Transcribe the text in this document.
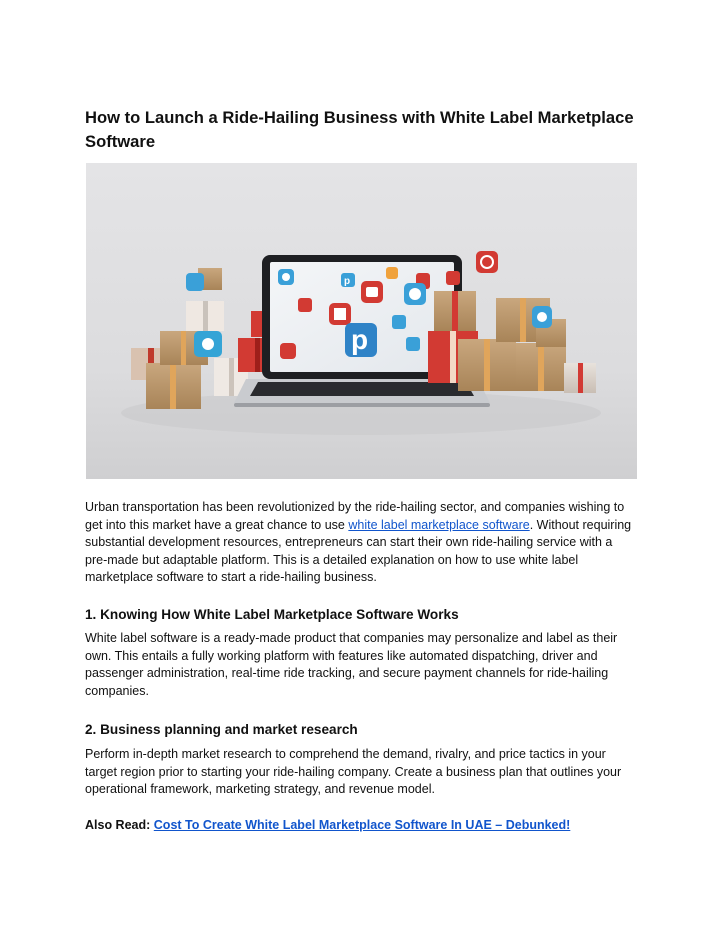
How to Launch a Ride-Hailing Business with White Label Marketplace Software
p
p

Urban transportation has been revolutionized by the ride-hailing sector, and companies wishing to get into this market have a great chance to use white label marketplace software. Without requiring substantial development resources, entrepreneurs can start their own ride-hailing service with a pre-made but adaptable platform. This is a detailed explanation on how to use white label marketplace software to start a ride-hailing business.

1. Knowing How White Label Marketplace Software Works

White label software is a ready-made product that companies may personalize and label as their own. This entails a fully working platform with features like automated dispatching, driver and passenger administration, real-time ride tracking, and secure payment channels for ride-hailing companies.

2. Business planning and market research

Perform in-depth market research to comprehend the demand, rivalry, and price tactics in your target region prior to starting your ride-hailing company. Create a business plan that outlines your operational framework, marketing strategy, and revenue model.

Also Read: Cost To Create White Label Marketplace Software In UAE – Debunked!
